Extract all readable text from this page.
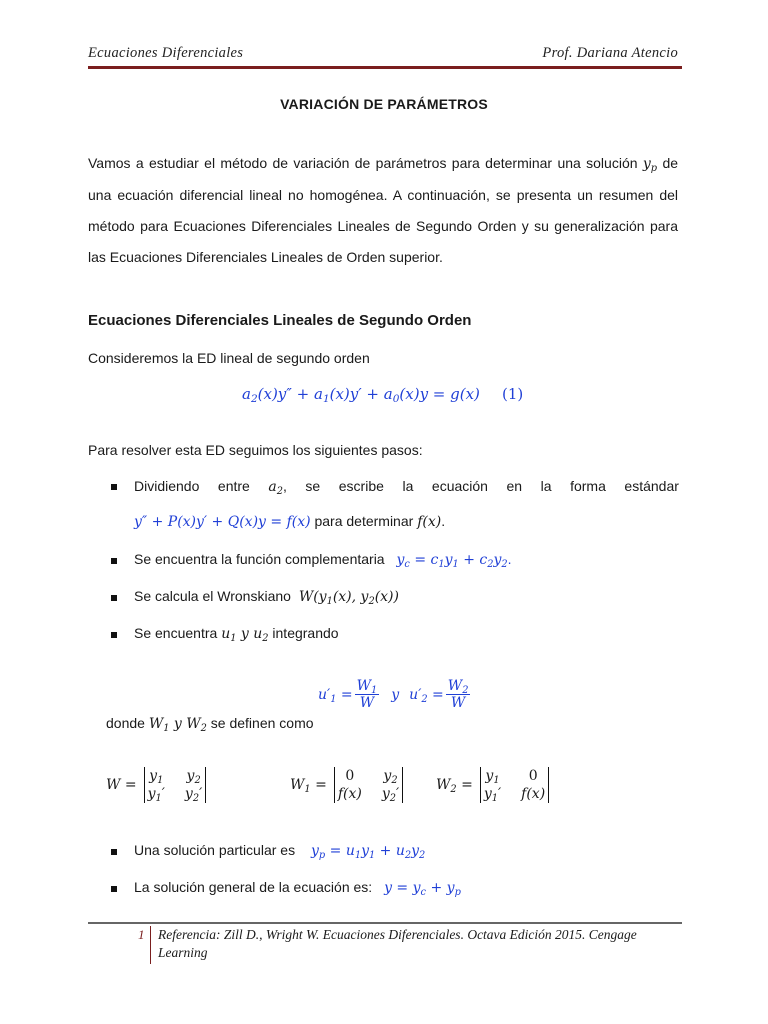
Ecuaciones Diferenciales	Prof. Dariana Atencio
VARIACIÓN DE PARÁMETROS
Vamos a estudiar el método de variación de parámetros para determinar una solución $y_p$ de
una ecuación diferencial lineal no homogénea. A continuación, se presenta un resumen del
método para Ecuaciones Diferenciales Lineales de Segundo Orden y su generalización para
las Ecuaciones Diferenciales Lineales de Orden superior.
Ecuaciones Diferenciales Lineales de Segundo Orden
Consideremos la ED lineal de segundo orden
$a_2(x)y'' + a_1(x)y' + a_0(x)y = g(x)$ (1)
Para resolver esta ED seguimos los siguientes pasos:
Dividiendo entre $a_2$, se escribe la ecuación en la forma estándar
y″ + P(x)y′ + Q(x)y = f(x) para determinar f(x).
Se encuentra la función complementaria $y_c = c_1y_1 + c_2y_2$.
Se calcula el Wronskiano $W(y_1(x)$, $y_2(x)$)
Se encuentra $u_1$ y $u_2$ integrando
$u'_1 = \frac{W_1}{W}$ y $u'_2 = \frac{W_2}{W}$
donde $W_1$ y $W_2$ se definen como
W =
$y_1$ $y_2$
$y_1'$ $y_2'$
$W_1$ =
0	$y_2$
f(x) $y_2'$
$W_2$ =
$y_1$	0
$y_1'$ f(x)
Una solución particular es $y_p = u_1y_1 + u_2y_2$
La solución general de la ecuación es: $y = y_c + y_p$
1 Referencia: Zill D., Wright W. Ecuaciones Diferenciales. Octava Edición 2015. Cengage
Learning
